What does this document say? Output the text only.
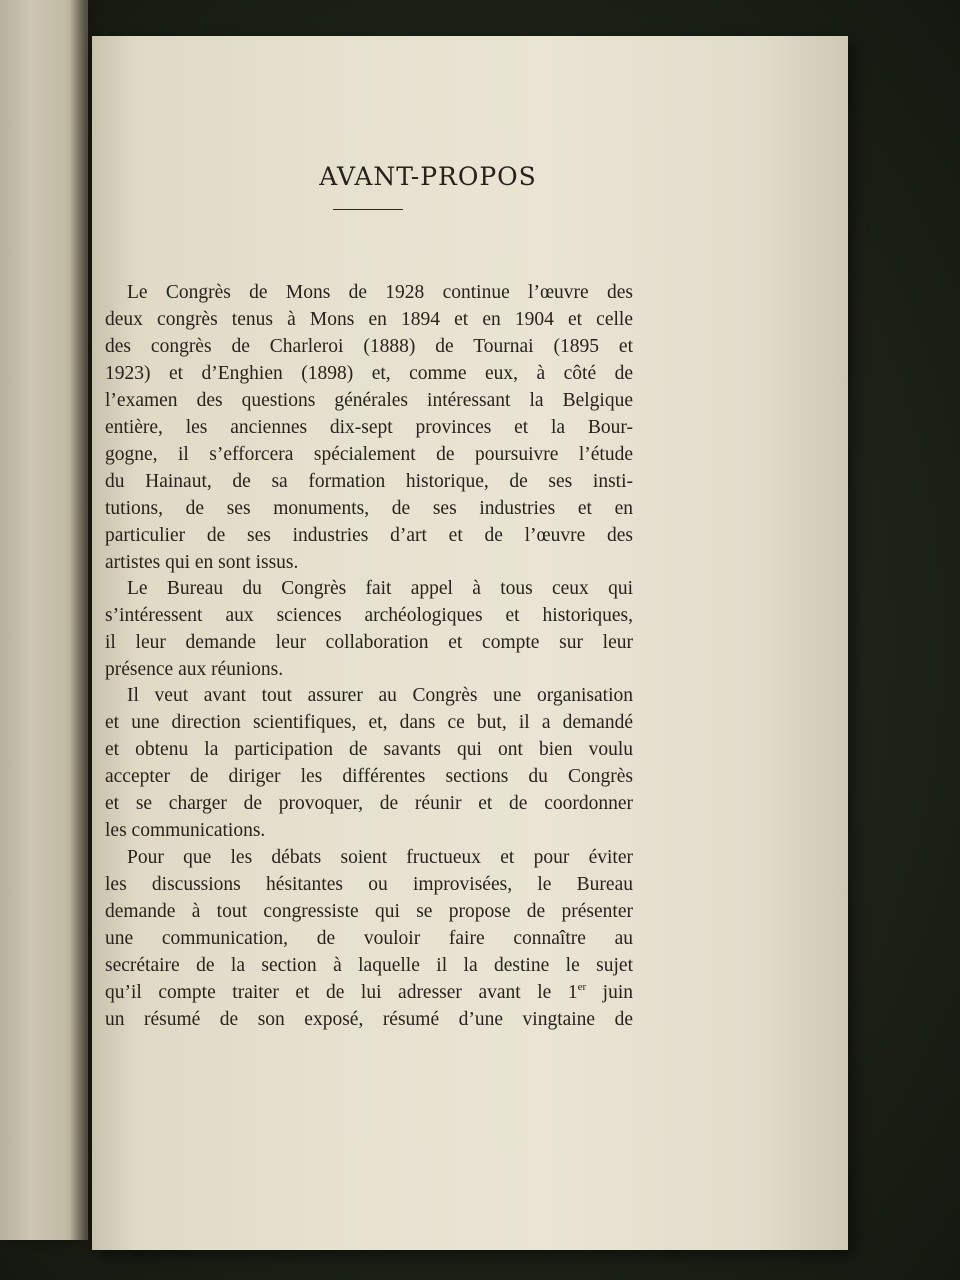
AVANT-PROPOS
Le Congrès de Mons de 1928 continue l’œuvre des
deux congrès tenus à Mons en 1894 et en 1904 et celle
des congrès de Charleroi (1888) de Tournai (1895 et
1923) et d’Enghien (1898) et, comme eux, à côté de
l’examen des questions générales intéressant la Belgique
entière, les anciennes dix-sept provinces et la Bour-
gogne, il s’efforcera spécialement de poursuivre l’étude
du Hainaut, de sa formation historique, de ses insti-
tutions, de ses monuments, de ses industries et en
particulier de ses industries d’art et de l’œuvre des
artistes qui en sont issus.
Le Bureau du Congrès fait appel à tous ceux qui
s’intéressent aux sciences archéologiques et historiques,
il leur demande leur collaboration et compte sur leur
présence aux réunions.
Il veut avant tout assurer au Congrès une organisation
et une direction scientifiques, et, dans ce but, il a demandé
et obtenu la participation de savants qui ont bien voulu
accepter de diriger les différentes sections du Congrès
et se charger de provoquer, de réunir et de coordonner
les communications.
Pour que les débats soient fructueux et pour éviter
les discussions hésitantes ou improvisées, le Bureau
demande à tout congressiste qui se propose de présenter
une communication, de vouloir faire connaître au
secrétaire de la section à laquelle il la destine le sujet
qu’il compte traiter et de lui adresser avant le 1er juin
un résumé de son exposé, résumé d’une vingtaine de
